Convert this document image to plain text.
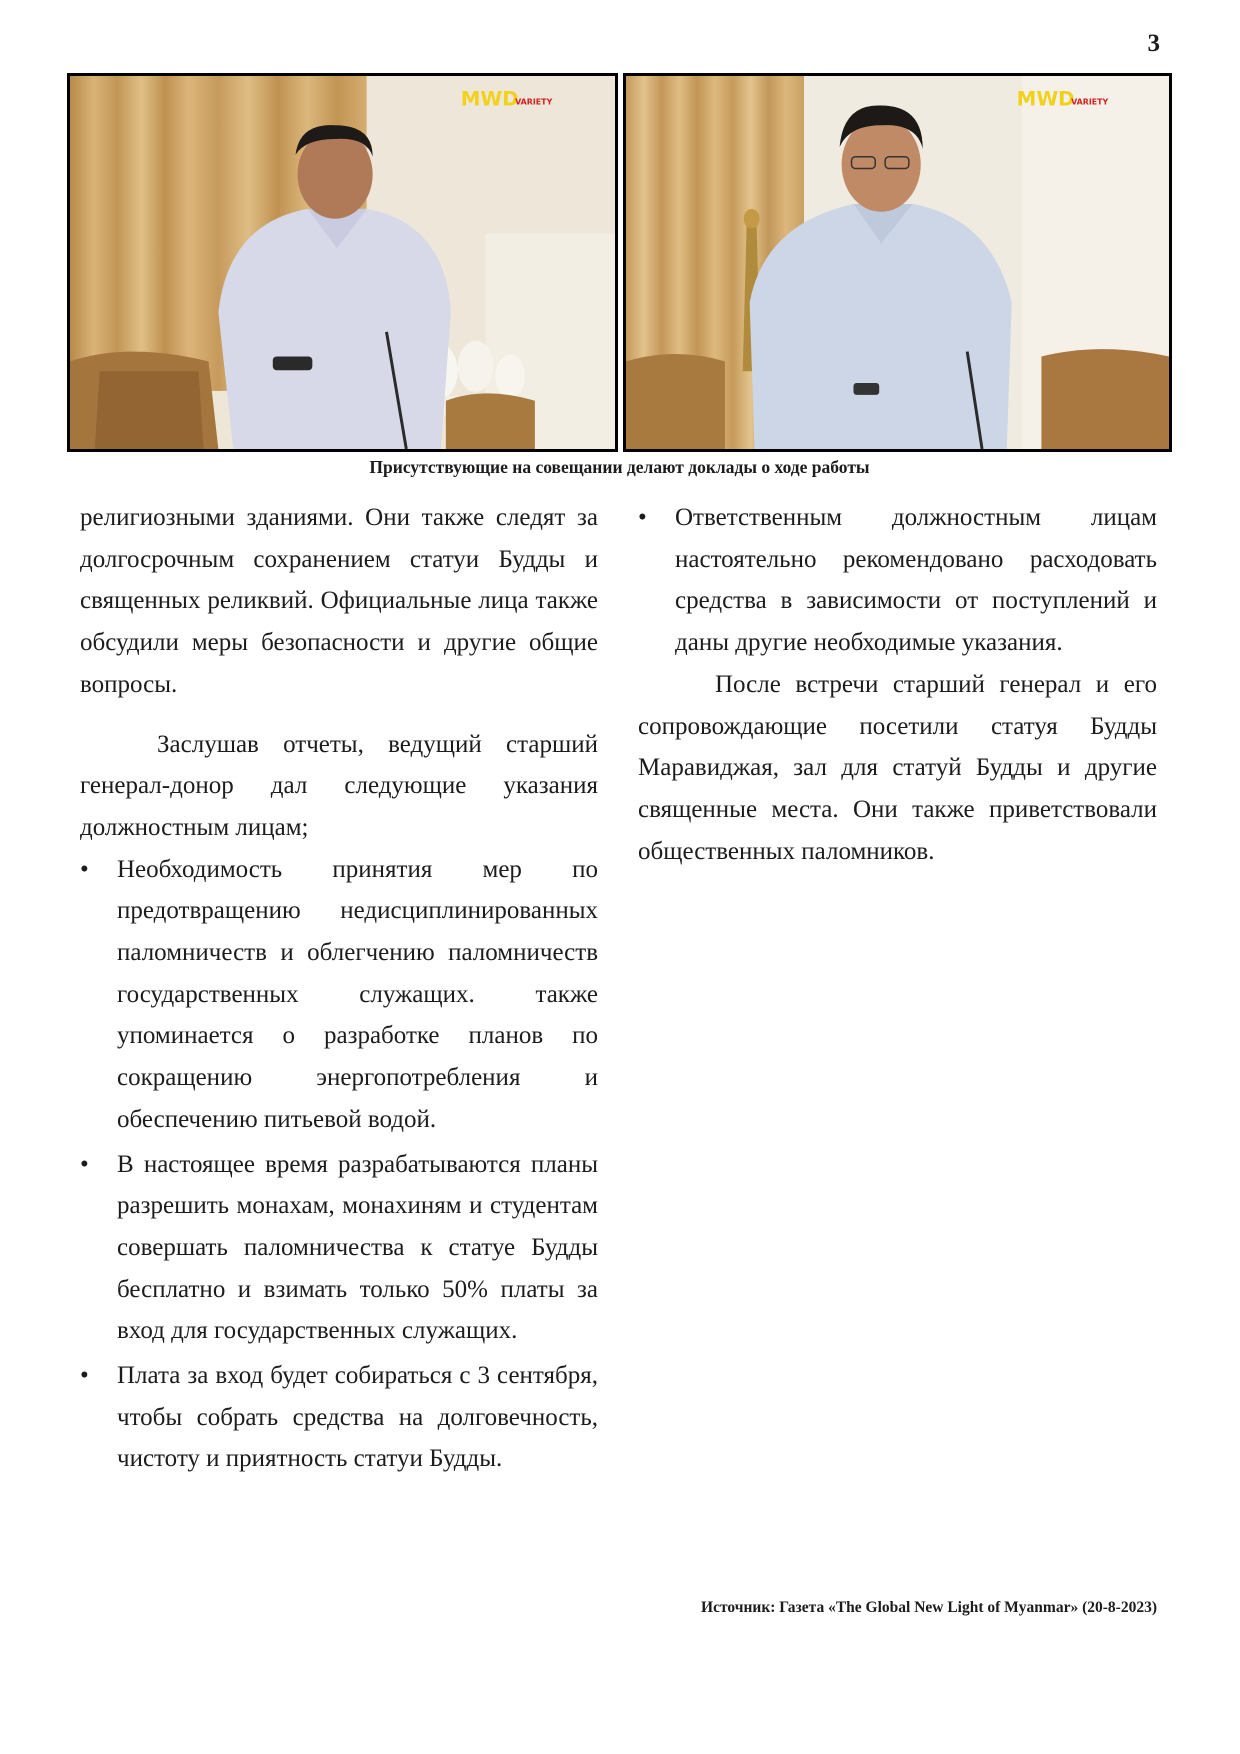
3
MWD
VARIETY	MWD
VARIETY
Присутствующие на совещании делают доклады о ходе работы

религиозными зданиями. Они также следят за долгосрочным сохранением статуи Будды и священных реликвий. Официальные лица также обсудили меры безопасности и другие общие вопросы.

Заслушав отчеты, ведущий старший генерал-донор дал следующие указания должностным лицам;

• Необходимость принятия мер по предотвращению недисциплинированных паломничеств и облегчению паломничеств государственных служащих. также упоминается о разработке планов по сокращению энергопотребления и обеспечению питьевой водой.
• В настоящее время разрабатываются планы разрешить монахам, монахиням и студентам совершать паломничества к статуе Будды бесплатно и взимать только 50% платы за вход для государственных служащих.
• Плата за вход будет собираться с 3 сентября, чтобы собрать средства на долговечность, чистоту и приятность статуи Будды.
• Ответственным должностным лицам настоятельно рекомендовано расходовать средства в зависимости от поступлений и даны другие необходимые указания.

После встречи старший генерал и его сопровождающие посетили статуя Будды Маравиджая, зал для статуй Будды и другие священные места. Они также приветствовали общественных паломников.

Источник: Газета «The Global New Light of Myanmar» (20-8-2023)
